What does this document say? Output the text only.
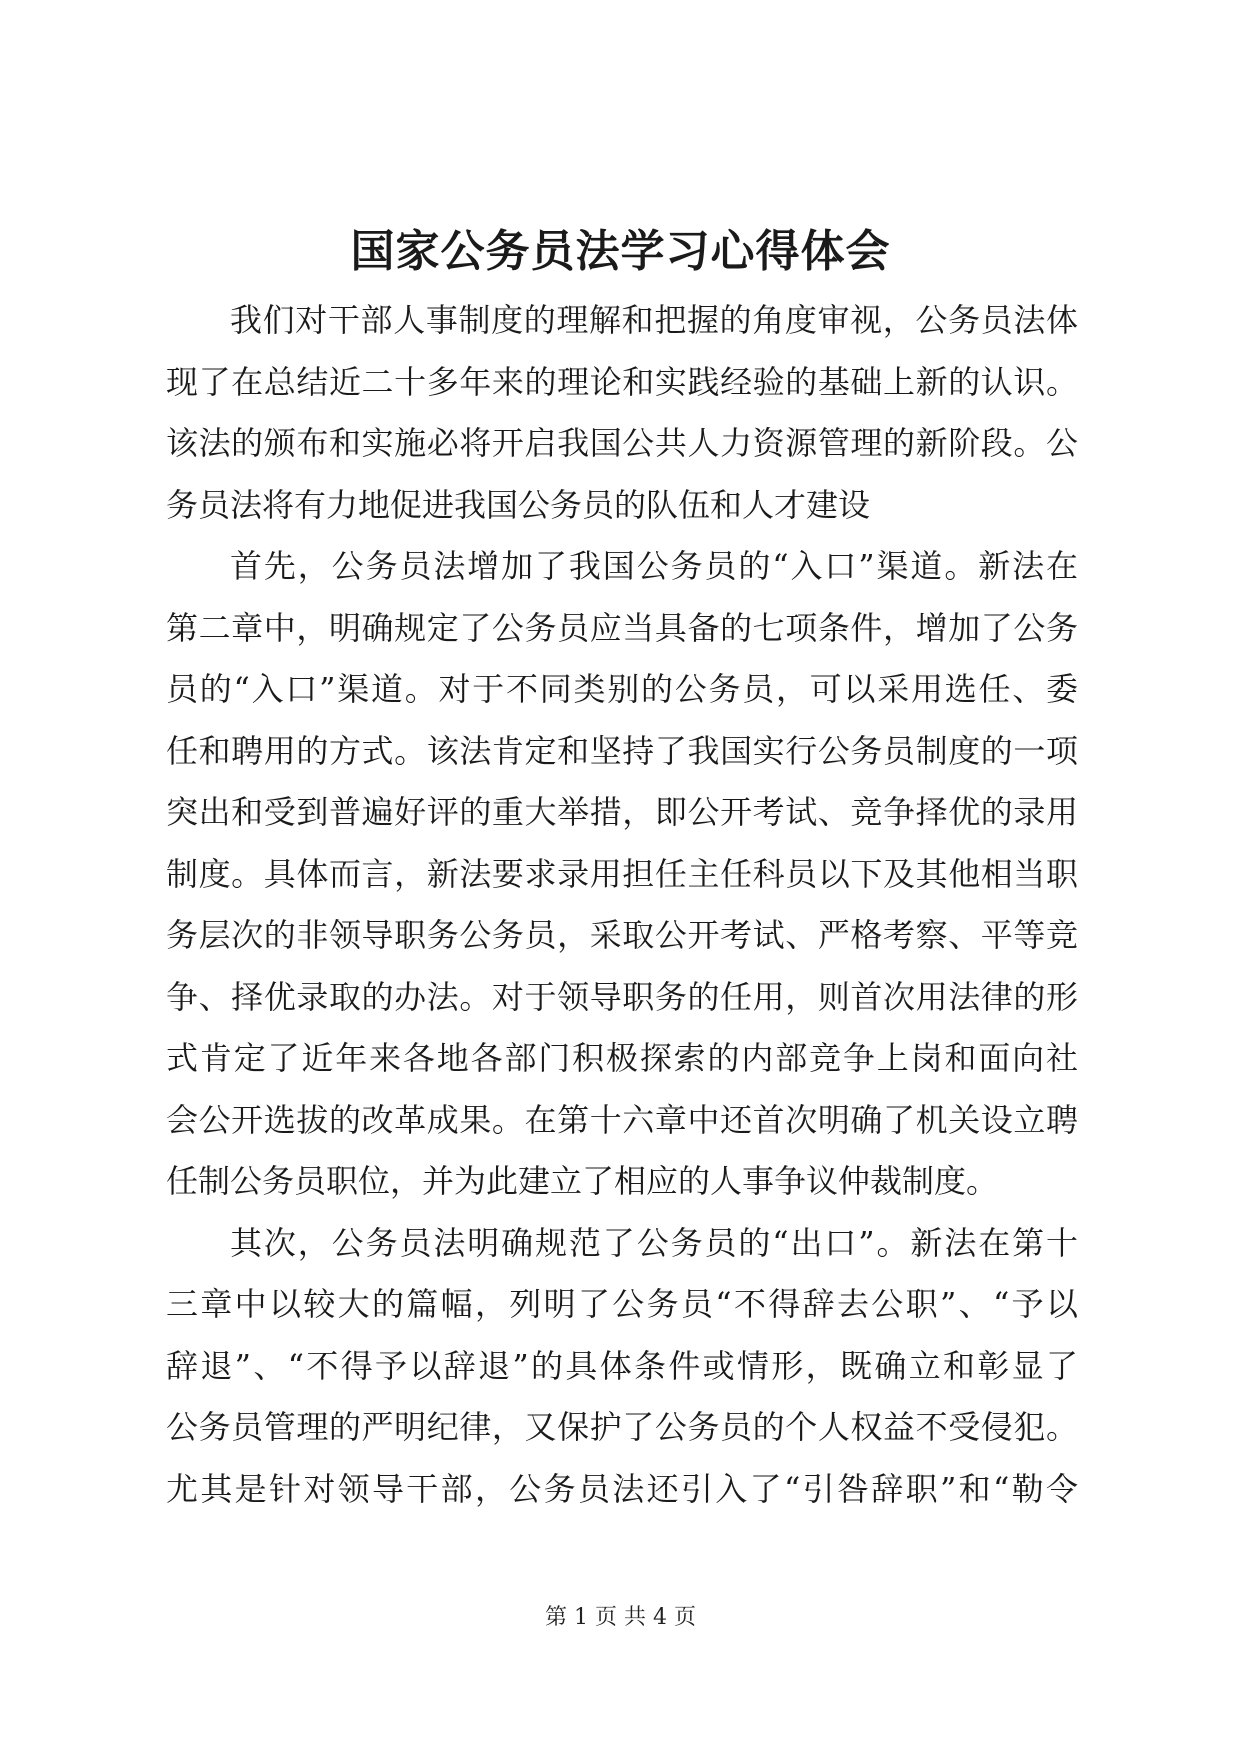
国家公务员法学习心得体会
我们对干部人事制度的理解和把握的角度审视，公务员法体
现了在总结近二十多年来的理论和实践经验的基础上新的认识。
该法的颁布和实施必将开启我国公共人力资源管理的新阶段。公
务员法将有力地促进我国公务员的队伍和人才建设
首先，公务员法增加了我国公务员的“入口”渠道。新法在
第二章中，明确规定了公务员应当具备的七项条件，增加了公务
员的“入口”渠道。对于不同类别的公务员，可以采用选任、委
任和聘用的方式。该法肯定和坚持了我国实行公务员制度的一项
突出和受到普遍好评的重大举措，即公开考试、竞争择优的录用
制度。具体而言，新法要求录用担任主任科员以下及其他相当职
务层次的非领导职务公务员，采取公开考试、严格考察、平等竞
争、择优录取的办法。对于领导职务的任用，则首次用法律的形
式肯定了近年来各地各部门积极探索的内部竞争上岗和面向社
会公开选拔的改革成果。在第十六章中还首次明确了机关设立聘
任制公务员职位，并为此建立了相应的人事争议仲裁制度。
其次，公务员法明确规范了公务员的“出口”。新法在第十
三章中以较大的篇幅，列明了公务员“不得辞去公职”、“予以
辞退”、“不得予以辞退”的具体条件或情形，既确立和彰显了
公务员管理的严明纪律，又保护了公务员的个人权益不受侵犯。
尤其是针对领导干部，公务员法还引入了“引咎辞职”和“勒令
第 1 页 共 4 页
